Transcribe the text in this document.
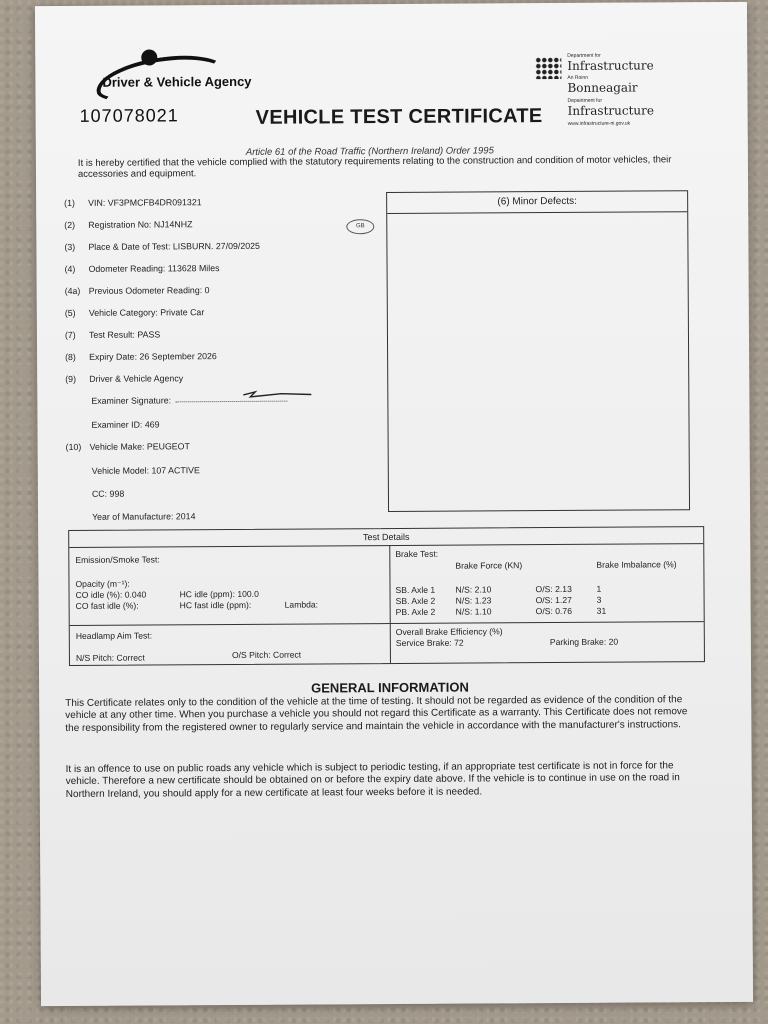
Driver & Vehicle Agency
Department for
Infrastructure
An Roinn
Bonneagair
Depairtment fur
Infrastructure
www.infrastructure-ni.gov.uk
107078021	VEHICLE TEST CERTIFICATE
Article 61 of the Road Traffic (Northern Ireland) Order 1995
It is hereby certified that the vehicle complied with the statutory requirements relating to the construction and condition of motor vehicles, their accessories and equipment.
(1) VIN: VF3PMCFB4DR091321
(2) Registration No: NJ14NHZ
(3) Place & Date of Test: LISBURN. 27/09/2025
(4) Odometer Reading: 113628 Miles
(4a) Previous Odometer Reading: 0
(5) Vehicle Category: Private Car
(7) Test Result: PASS
(8) Expiry Date: 26 September 2026
(9) Driver & Vehicle Agency
Examiner Signature:
Examiner ID: 469
(10) Vehicle Make: PEUGEOT
Vehicle Model: 107 ACTIVE
CC: 998
Year of Manufacture: 2014
GB
(6) Minor Defects:
Test Details
Emission/Smoke Test:
Opacity (m⁻¹):
CO idle (%): 0.040
CO fast idle (%):
HC idle (ppm): 100.0
HC fast idle (ppm):	Lambda:
Headlamp Aim Test:
N/S Pitch: Correct	O/S Pitch: Correct
Brake Test:
Brake Force (KN)	Brake Imbalance (%)
SB. Axle 1 N/S: 2.10	O/S: 2.13	1
SB. Axle 2 N/S: 1.23	O/S: 1.27	3
PB. Axle 2 N/S: 1.10	O/S: 0.76	31
Overall Brake Efficiency (%)
Service Brake: 72	Parking Brake: 20
GENERAL INFORMATION
This Certificate relates only to the condition of the vehicle at the time of testing. It should not be regarded as evidence of the condition of the vehicle at any other time. When you purchase a vehicle you should not regard this Certificate as a warranty. This Certificate does not remove the responsibility from the registered owner to regularly service and maintain the vehicle in accordance with the manufacturer's instructions.
It is an offence to use on public roads any vehicle which is subject to periodic testing, if an appropriate test certificate is not in force for the vehicle. Therefore a new certificate should be obtained on or before the expiry date above. If the vehicle is to continue in use on the road in Northern Ireland, you should apply for a new certificate at least four weeks before it is needed.
